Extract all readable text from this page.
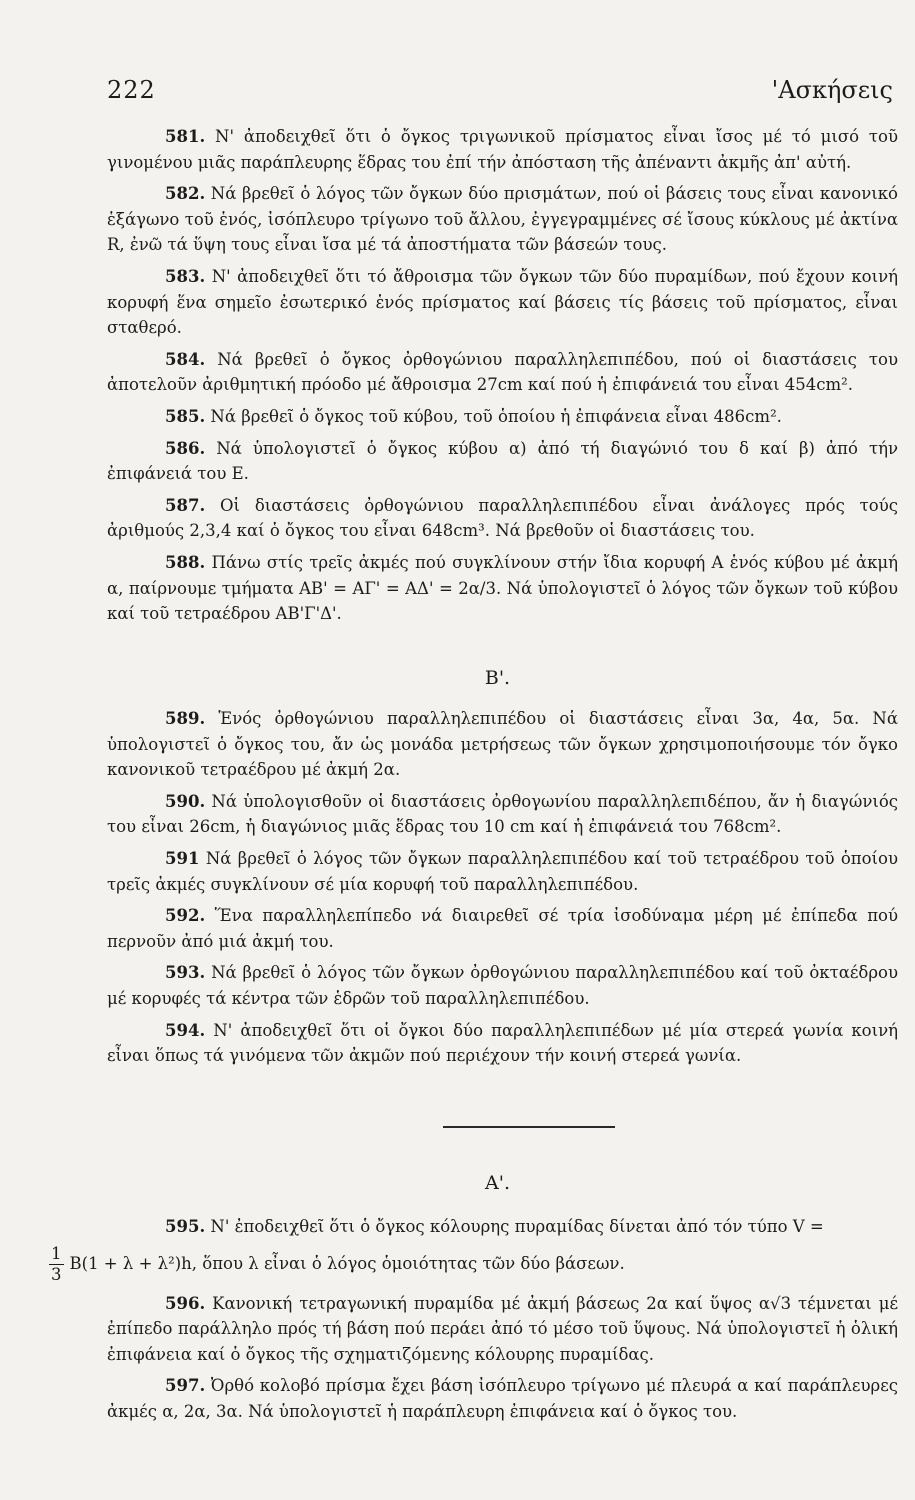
222	'Ασκήσεις

581. Ν' ἀποδειχθεῖ ὅτι ὁ ὄγκος τριγωνικοῦ πρίσματος εἶναι ἴσος μέ τό μισό τοῦ γινομένου μιᾶς παράπλευρης ἕδρας του ἐπί τήν ἀπόσταση τῆς ἀπέναντι ἀκμῆς ἀπ' αὐτή.

582. Νά βρεθεῖ ὁ λόγος τῶν ὄγκων δύο πρισμάτων, πού οἱ βάσεις τους εἶναι κανονικό ἑξάγωνο τοῦ ἑνός, ἰσόπλευρο τρίγωνο τοῦ ἄλλου, ἐγγεγραμμένες σέ ἴσους κύκλους μέ ἀκτίνα R, ἐνῶ τά ὕψη τους εἶναι ἴσα μέ τά ἀποστήματα τῶν βάσεών τους.

583. Ν' ἀποδειχθεῖ ὅτι τό ἄθροισμα τῶν ὄγκων τῶν δύο πυραμίδων, πού ἔχουν κοινή κορυφή ἕνα σημεῖο ἐσωτερικό ἑνός πρίσματος καί βάσεις τίς βάσεις τοῦ πρίσματος, εἶναι σταθερό.

584. Νά βρεθεῖ ὁ ὄγκος ὀρθογώνιου παραλληλεπιπέδου, πού οἱ διαστάσεις του ἀποτελοῦν ἀριθμητική πρόοδο μέ ἄθροισμα 27cm καί πού ἡ ἐπιφάνειά του εἶναι 454cm².

585. Νά βρεθεῖ ὁ ὄγκος τοῦ κύβου, τοῦ ὁποίου ἡ ἐπιφάνεια εἶναι 486cm².

586. Νά ὑπολογιστεῖ ὁ ὄγκος κύβου α) ἀπό τή διαγώνιό του δ καί β) ἀπό τήν ἐπιφάνειά του Ε.

587. Οἱ διαστάσεις ὀρθογώνιου παραλληλεπιπέδου εἶναι ἀνάλογες πρός τούς ἀριθμούς 2,3,4 καί ὁ ὄγκος του εἶναι 648cm³. Νά βρεθοῦν οἱ διαστάσεις του.

588. Πάνω στίς τρεῖς ἀκμές πού συγκλίνουν στήν ἴδια κορυφή Α ἑνός κύβου μέ ἀκμή α, παίρνουμε τμήματα ΑΒ' = ΑΓ' = ΑΔ' = 2α/3. Νά ὑπολογιστεῖ ὁ λόγος τῶν ὄγκων τοῦ κύβου καί τοῦ τετραέδρου ΑΒ'Γ'Δ'.

B'.

589. Ἑνός ὀρθογώνιου παραλληλεπιπέδου οἱ διαστάσεις εἶναι 3α, 4α, 5α. Νά ὑπολογιστεῖ ὁ ὄγκος του, ἄν ὡς μονάδα μετρήσεως τῶν ὄγκων χρησιμοποιήσουμε τόν ὄγκο κανονικοῦ τετραέδρου μέ ἀκμή 2α.

590. Νά ὑπολογισθοῦν οἱ διαστάσεις ὀρθογωνίου παραλληλεπιδέπου, ἄν ἡ διαγώνιός του εἶναι 26cm, ἡ διαγώνιος μιᾶς ἕδρας του 10 cm καί ἡ ἐπιφάνειά του 768cm².

591 Νά βρεθεῖ ὁ λόγος τῶν ὄγκων παραλληλεπιπέδου καί τοῦ τετραέδρου τοῦ ὁποίου τρεῖς ἀκμές συγκλίνουν σέ μία κορυφή τοῦ παραλληλεπιπέδου.

592. Ἕνα παραλληλεπίπεδο νά διαιρεθεῖ σέ τρία ἰσοδύναμα μέρη μέ ἐπίπεδα πού περνοῦν ἀπό μιά ἀκμή του.

593. Νά βρεθεῖ ὁ λόγος τῶν ὄγκων ὀρθογώνιου παραλληλεπιπέδου καί τοῦ ὀκταέδρου μέ κορυφές τά κέντρα τῶν ἑδρῶν τοῦ παραλληλεπιπέδου.

594. Ν' ἀποδειχθεῖ ὅτι οἱ ὄγκοι δύο παραλληλεπιπέδων μέ μία στερεά γωνία κοινή εἶναι ὅπως τά γινόμενα τῶν ἀκμῶν πού περιέχουν τήν κοινή στερεά γωνία.

A'.

595. Ν' ἐποδειχθεῖ ὅτι ὁ ὄγκος κόλουρης πυραμίδας δίνεται ἀπό τόν τύπο V =

$\frac{1}{3} B(1 + \lambda + \lambda^2)h$, ὅπου λ εἶναι ὁ λόγος ὁμοιότητας τῶν δύο βάσεων.

596. Κανονική τετραγωνική πυραμίδα μέ ἀκμή βάσεως 2α καί ὕψος α√3 τέμνεται μέ ἐπίπεδο παράλληλο πρός τή βάση πού περάει ἀπό τό μέσο τοῦ ὕψους. Νά ὑπολογιστεῖ ἡ ὁλική ἐπιφάνεια καί ὁ ὄγκος τῆς σχηματιζόμενης κόλουρης πυραμίδας.

597. Ὀρθό κολοβό πρίσμα ἔχει βάση ἰσόπλευρο τρίγωνο μέ πλευρά α καί παράπλευρες ἀκμές α, 2α, 3α. Νά ὑπολογιστεῖ ἡ παράπλευρη ἐπιφάνεια καί ὁ ὄγκος του.
